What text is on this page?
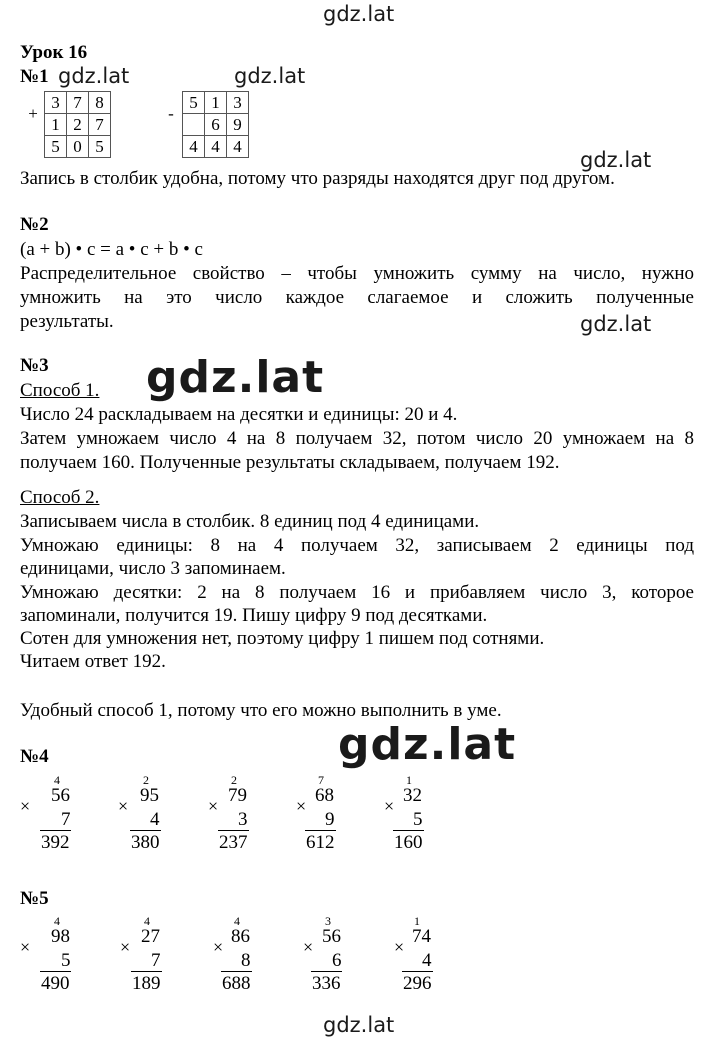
gdz.lat
gdz.lat	gdz.lat
gdz.lat
gdz.lat
gdz.lat
gdz.lat
gdz.lat
Урок 16
№1
+	3	7	8
	1	2	7
	5	0	5
-	5	1	3
		6	9
	4	4	4
Запись в столбик удобна, потому что разряды находятся друг под другом.
№2
(a + b) • c = a • c + b • c
Распределительное свойство – чтобы умножить сумму на число, нужно
умножить на это число каждое слагаемое и сложить полученные
результаты.
№3
Способ 1.
Число 24 раскладываем на десятки и единицы: 20 и 4.
Затем умножаем число 4 на 8 получаем 32, потом число 20 умножаем на 8
получаем 160. Полученные результаты складываем, получаем 192.
Способ 2.
Записываем числа в столбик. 8 единиц под 4 единицами.
Умножаю единицы: 8 на 4 получаем 32, записываем 2 единицы под
единицами, число 3 запоминаем.
Умножаю десятки: 2 на 8 получаем 16 и прибавляем число 3, которое
запоминали, получится 19. Пишу цифру 9 под десятками.
Сотен для умножения нет, поэтому цифру 1 пишем под сотнями.
Читаем ответ 192.
Удобный способ 1, потому что его можно выполнить в уме.
№4
4
× 56
7
392
2
× 95
4
380
2
× 79
3
237
7
× 68
9
612
1
× 32
5
160
№5
4
× 98
5
490
4
× 27
7
189
4
× 86
8
688
3
× 56
6
336
1
× 74
4
296
